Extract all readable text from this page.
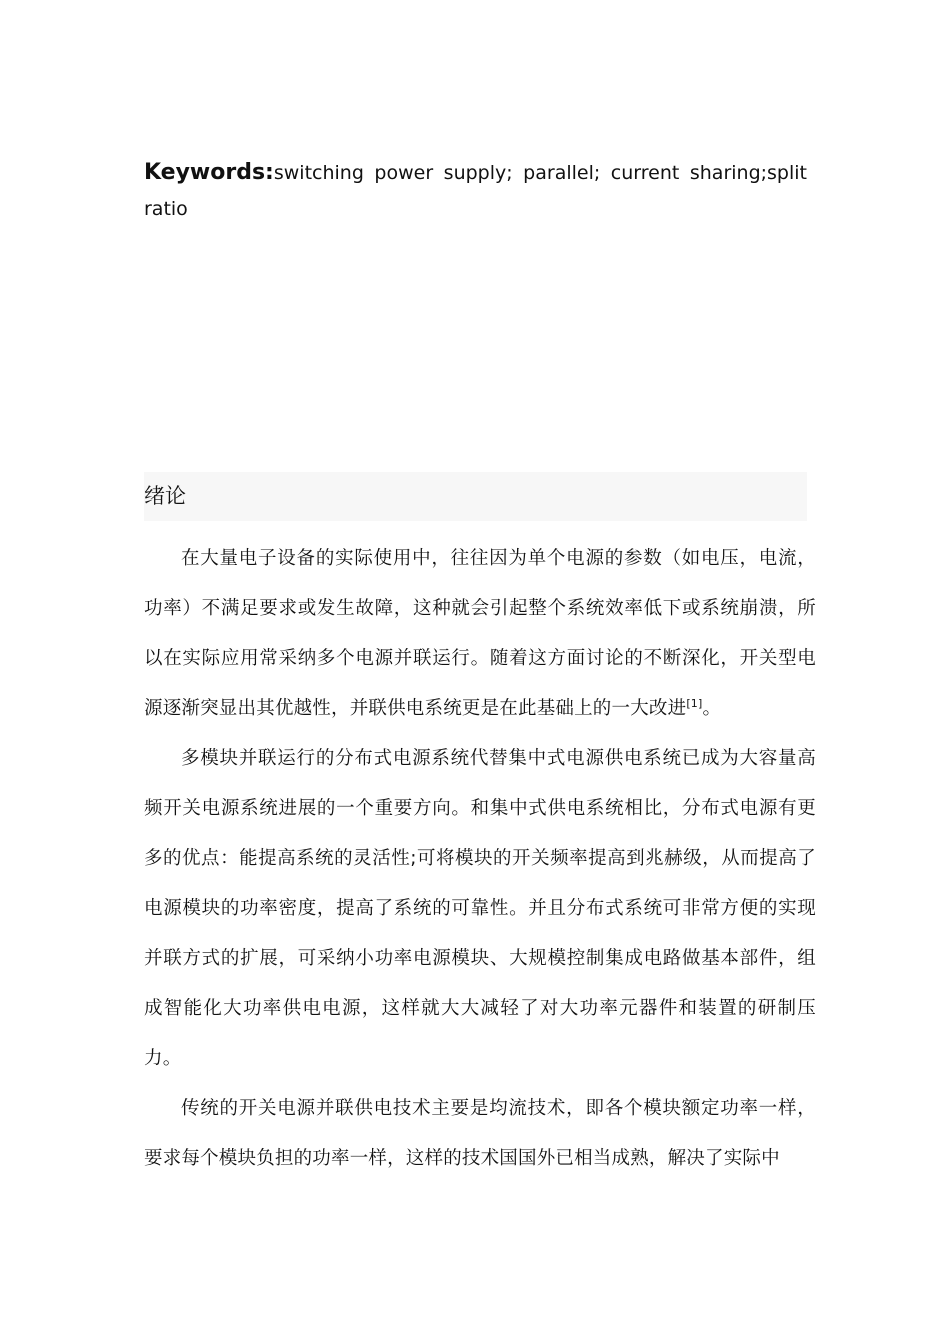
Keywords:switching power supply; parallel; current sharing;split ratio
绪论

在大量电子设备的实际使用中，往往因为单个电源的参数（如电压，电流，功率）不满足要求或发生故障，这种就会引起整个系统效率低下或系统崩溃，所以在实际应用常采纳多个电源并联运行。随着这方面讨论的不断深化，开关型电源逐渐突显出其优越性，并联供电系统更是在此基础上的一大改进[1]。

多模块并联运行的分布式电源系统代替集中式电源供电系统已成为大容量高频开关电源系统进展的一个重要方向。和集中式供电系统相比，分布式电源有更多的优点：能提高系统的灵活性;可将模块的开关频率提高到兆赫级，从而提高了电源模块的功率密度，提高了系统的可靠性。并且分布式系统可非常方便的实现并联方式的扩展，可采纳小功率电源模块、大规模控制集成电路做基本部件，组成智能化大功率供电电源，这样就大大减轻了对大功率元器件和装置的研制压力。

传统的开关电源并联供电技术主要是均流技术，即各个模块额定功率一样，要求每个模块负担的功率一样，这样的技术国国外已相当成熟，解决了实际中
